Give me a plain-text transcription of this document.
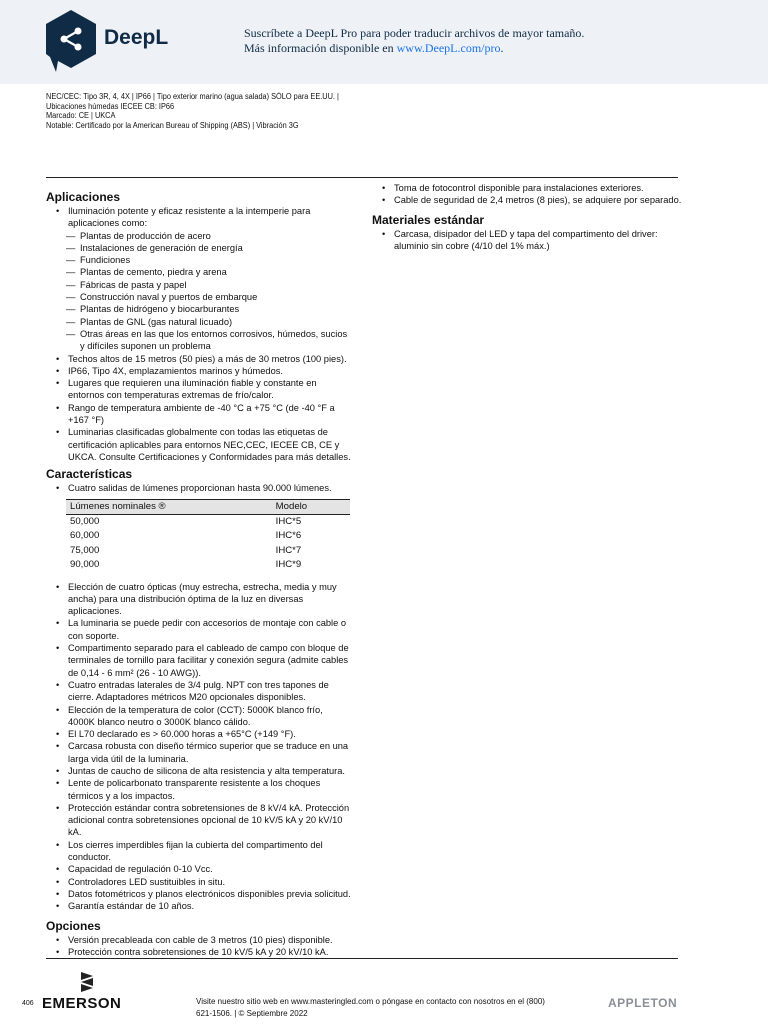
DeepL	Suscríbete a DeepL Pro para poder traducir archivos de mayor tamaño.
Más información disponible en www.DeepL.com/pro.
NEC/CEC: Tipo 3R, 4, 4X | IP66 | Tipo exterior marino (agua salada) SÓLO para EE.UU. |
Ubicaciones húmedas IECEE CB: IP66
Marcado: CE | UKCA
Notable: Certificado por la American Bureau of Shipping (ABS) | Vibración 3G
Aplicaciones
• Iluminación potente y eficaz resistente a la intemperie para aplicaciones como:
— Plantas de producción de acero
— Instalaciones de generación de energía
— Fundiciones
— Plantas de cemento, piedra y arena
— Fábricas de pasta y papel
— Construcción naval y puertos de embarque
— Plantas de hidrógeno y biocarburantes
— Plantas de GNL (gas natural licuado)
— Otras áreas en las que los entornos corrosivos, húmedos, sucios y difíciles suponen un problema
• Techos altos de 15 metros (50 pies) a más de 30 metros (100 pies).
• IP66, Tipo 4X, emplazamientos marinos y húmedos.
• Lugares que requieren una iluminación fiable y constante en entornos con temperaturas extremas de frío/calor.
• Rango de temperatura ambiente de -40 °C a +75 °C (de -40 °F a +167 °F)
• Luminarias clasificadas globalmente con todas las etiquetas de certificación aplicables para entornos NEC,CEC, IECEE CB, CE y UKCA. Consulte Certificaciones y Conformidades para más detalles.
Características
• Cuatro salidas de lúmenes proporcionan hasta 90.000 lúmenes.
Lúmenes nominales ®	Modelo
50,000	IHC*5
60,000	IHC*6
75,000	IHC*7
90,000	IHC*9
• Elección de cuatro ópticas (muy estrecha, estrecha, media y muy ancha) para una distribución óptima de la luz en diversas aplicaciones.
• La luminaria se puede pedir con accesorios de montaje con cable o con soporte.
• Compartimento separado para el cableado de campo con bloque de terminales de tornillo para facilitar y conexión segura (admite cables de 0,14 - 6 mm² (26 - 10 AWG)).
• Cuatro entradas laterales de 3/4 pulg. NPT con tres tapones de cierre. Adaptadores métricos M20 opcionales disponibles.
• Elección de la temperatura de color (CCT): 5000K blanco frío, 4000K blanco neutro o 3000K blanco cálido.
• El L70 declarado es > 60.000 horas a +65°C (+149 °F).
• Carcasa robusta con diseño térmico superior que se traduce en una larga vida útil de la luminaria.
• Juntas de caucho de silicona de alta resistencia y alta temperatura.
• Lente de policarbonato transparente resistente a los choques térmicos y a los impactos.
• Protección estándar contra sobretensiones de 8 kV/4 kA. Protección adicional contra sobretensiones opcional de 10 kV/5 kA y 20 kV/10 kA.
• Los cierres imperdibles fijan la cubierta del compartimento del conductor.
• Capacidad de regulación 0-10 Vcc.
• Controladores LED sustituibles in situ.
• Datos fotométricos y planos electrónicos disponibles previa solicitud.
• Garantía estándar de 10 años.
Opciones
• Versión precableada con cable de 3 metros (10 pies) disponible.
• Protección contra sobretensiones de 10 kV/5 kA y 20 kV/10 kA.
• Toma de fotocontrol disponible para instalaciones exteriores.
• Cable de seguridad de 2,4 metros (8 pies), se adquiere por separado.
Materiales estándar
• Carcasa, disipador del LED y tapa del compartimento del driver: aluminio sin cobre (4/10 del 1% máx.)
406 EMERSON	Visite nuestro sitio web en www.masteringled.com o póngase en contacto con nosotros en el (800) 621-1506. | © Septiembre 2022
APPLETON
